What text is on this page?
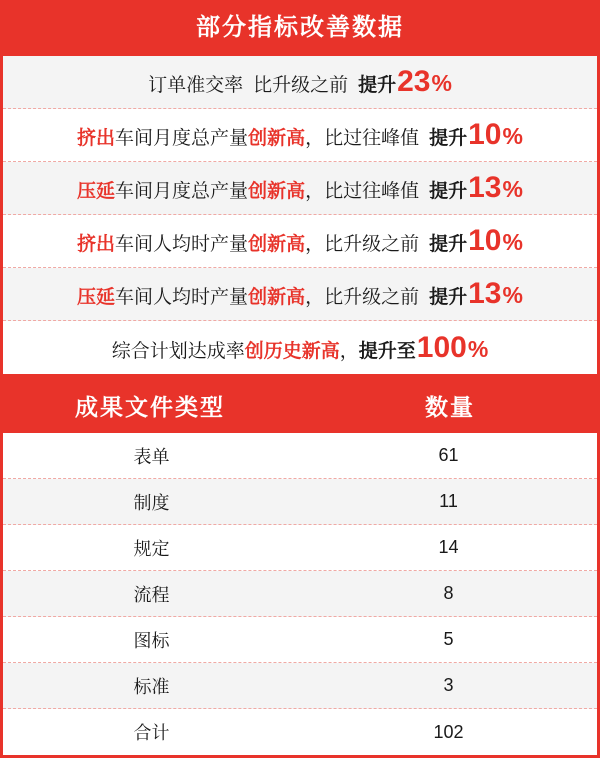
部分指标改善数据
订单准交率 比升级之前 提升 23 %
挤出 车间月度总产量 创新高 ， 比过往峰值 提升 10 %
压延 车间月度总产量 创新高 ， 比过往峰值 提升 13 %
挤出 车间人均时产量 创新高 ， 比升级之前 提升 10 %
压延 车间人均时产量 创新高 ， 比升级之前 提升 13 %
综合计划达成率 创历史新高 ， 提升至 100 %
成果文件类型	数量
表单	61
制度	11
规定	14
流程	8
图标	5
标准	3
合计	102
